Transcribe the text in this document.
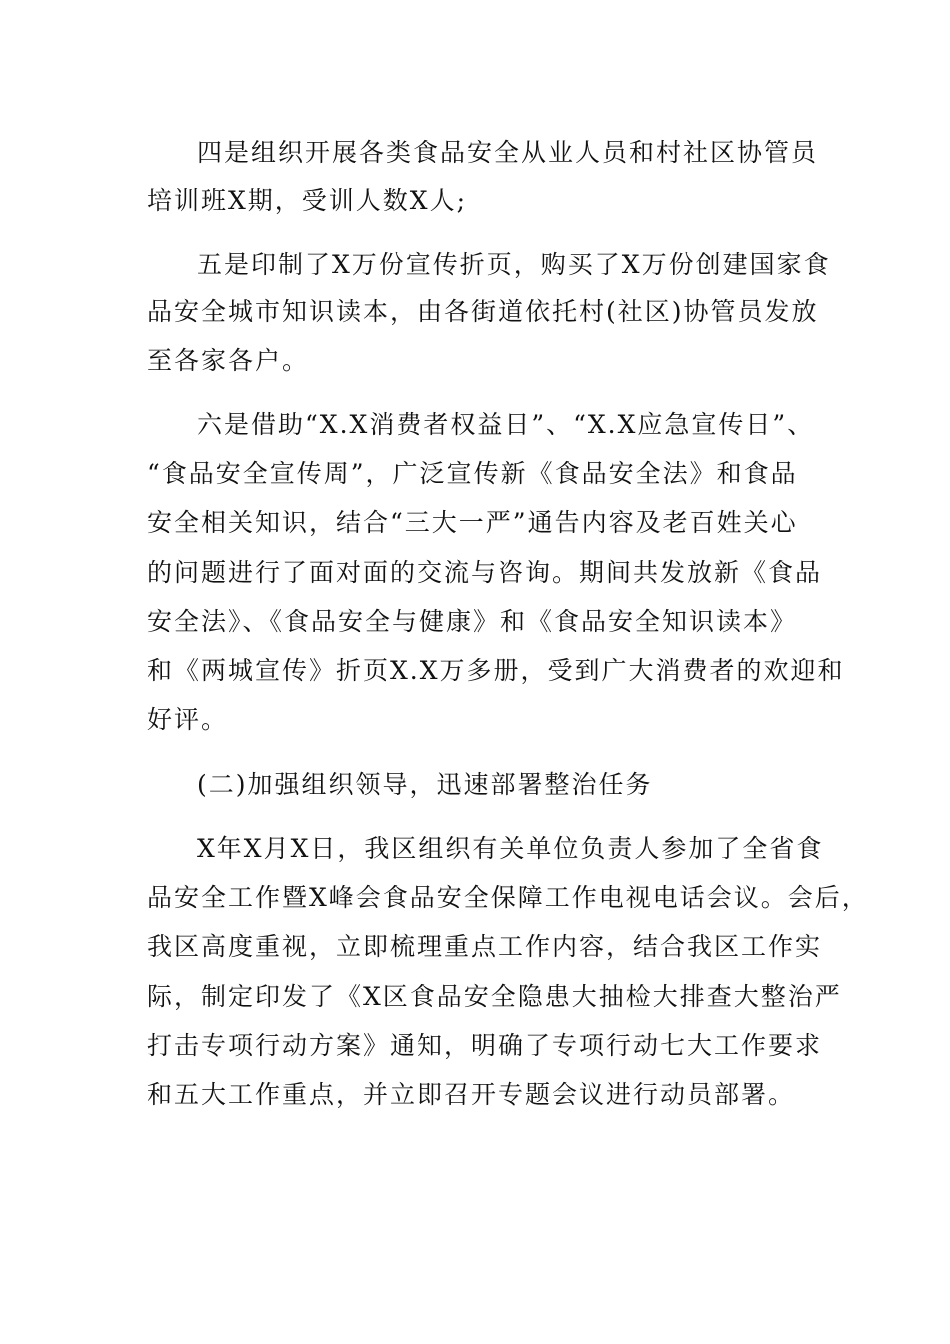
四是组织开展各类食品安全从业人员和村社区协管员
培训班X期，受训人数X人;
五是印制了X万份宣传折页，购买了X万份创建国家食
品安全城市知识读本，由各街道依托村(社区)协管员发放
至各家各户。
六是借助“X.X消费者权益日”、“X.X应急宣传日”、
“食品安全宣传周”，广泛宣传新《食品安全法》和食品
安全相关知识，结合“三大一严”通告内容及老百姓关心
的问题进行了面对面的交流与咨询。期间共发放新《食品
安全法》、《食品安全与健康》和《食品安全知识读本》
和《两城宣传》折页X.X万多册，受到广大消费者的欢迎和
好评。
(二)加强组织领导，迅速部署整治任务
X年X月X日，我区组织有关单位负责人参加了全省食
品安全工作暨X峰会食品安全保障工作电视电话会议。会后，
我区高度重视，立即梳理重点工作内容，结合我区工作实
际，制定印发了《X区食品安全隐患大抽检大排查大整治严
打击专项行动方案》通知，明确了专项行动七大工作要求
和五大工作重点，并立即召开专题会议进行动员部署。
